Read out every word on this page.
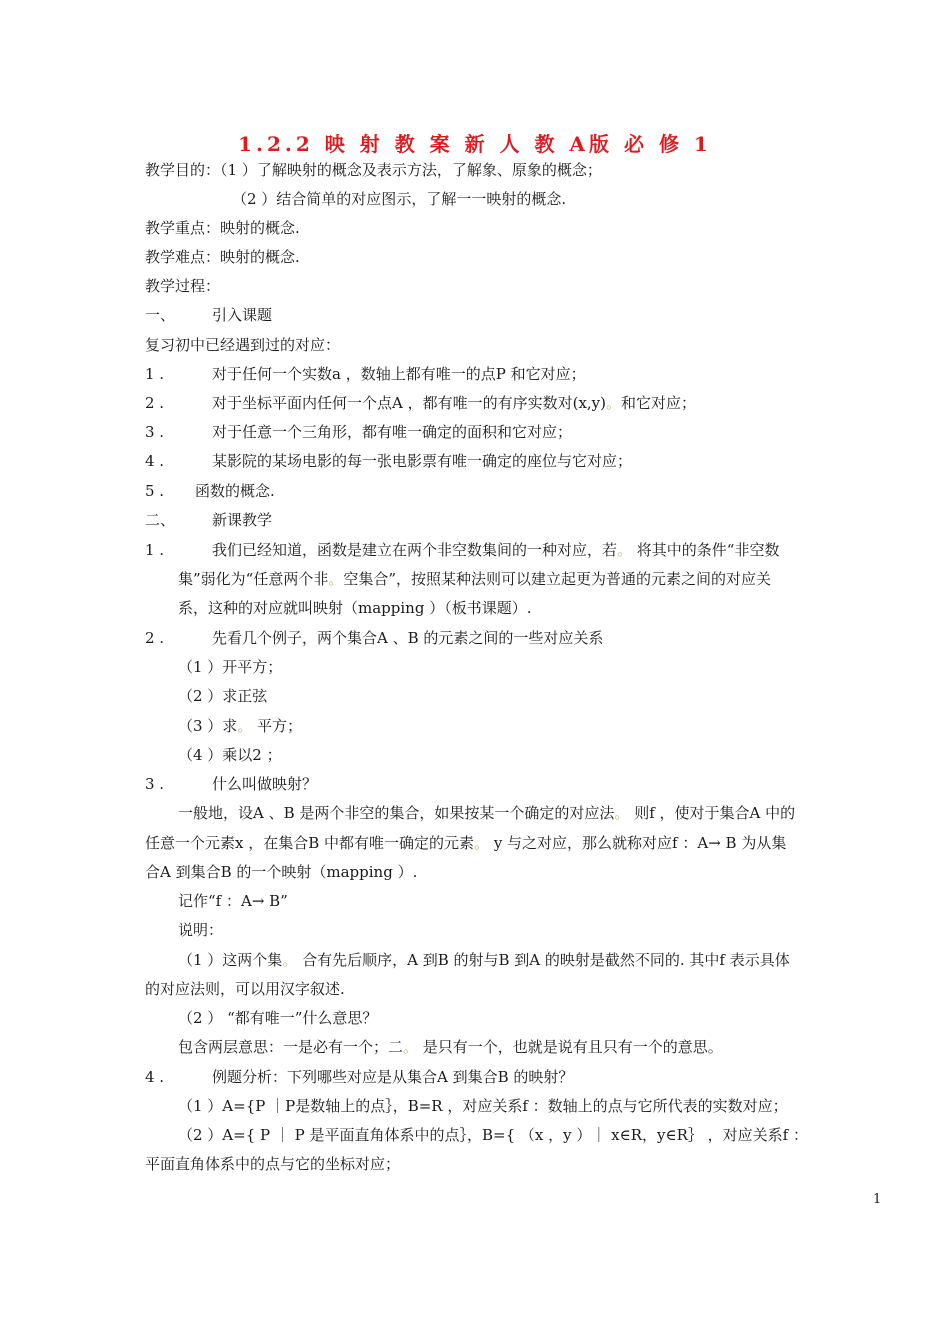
1.2.2 映 射 教 案 新 人 教 A版 必 修 1
教学目的：（1 ）了解映射的概念及表示方法，了解象、原象的概念；
（2 ）结合简单的对应图示，了解一一映射的概念.
教学重点：映射的概念.
教学难点：映射的概念.
教学过程：
一、 引入课题
复习初中已经遇到过的对应：
1 .	对于任何一个实数a ，数轴上都有唯一的点P 和它对应；
2 .	对于坐标平面内任何一个点A ，都有唯一的有序实数对(x,y)。和它对应；
3 .	对于任意一个三角形，都有唯一确定的面积和它对应；
4 .	某影院的某场电影的每一张电影票有唯一确定的座位与它对应；
5 . 函数的概念.
二、 新课教学
1 .	我们已经知道，函数是建立在两个非空数集间的一种对应，若。 将其中的条件“非空数
集”弱化为“任意两个非。空集合”，按照某种法则可以建立起更为普通的元素之间的对应关
系，这种的对应就叫映射（mapping ）（板书课题）.
2 .	先看几个例子，两个集合A 、B 的元素之间的一些对应关系
（1 ）开平方；
（2 ）求正弦
（3 ）求。 平方；
（4 ）乘以2 ；
3 .	什么叫做映射？
一般地，设A 、B 是两个非空的集合，如果按某一个确定的对应法。 则f ，使对于集合A 中的
任意一个元素x ，在集合B 中都有唯一确定的元素。 y 与之对应，那么就称对应f ：A→ B 为从集
合A 到集合B 的一个映射（mapping ）.
记作“f ：A→ B”
说明：
（1 ）这两个集。 合有先后顺序，A 到B 的射与B 到A 的映射是截然不同的. 其中f 表示具体
的对应法则，可以用汉字叙述.
（2 ） “都有唯一”什么意思？
包含两层意思：一是必有一个；二。 是只有一个，也就是说有且只有一个的意思。
4 .	例题分析：下列哪些对应是从集合A 到集合B 的映射？
（1 ）A={P ｜P是数轴上的点｝，B=R ，对应关系f ：数轴上的点与它所代表的实数对应；
（2 ）A={ P ｜ P 是平面直角体系中的点｝，B={ （x ，y ）｜ x∈R，y∈R｝ ，对应关系f ：
平面直角体系中的点与它的坐标对应；
1
